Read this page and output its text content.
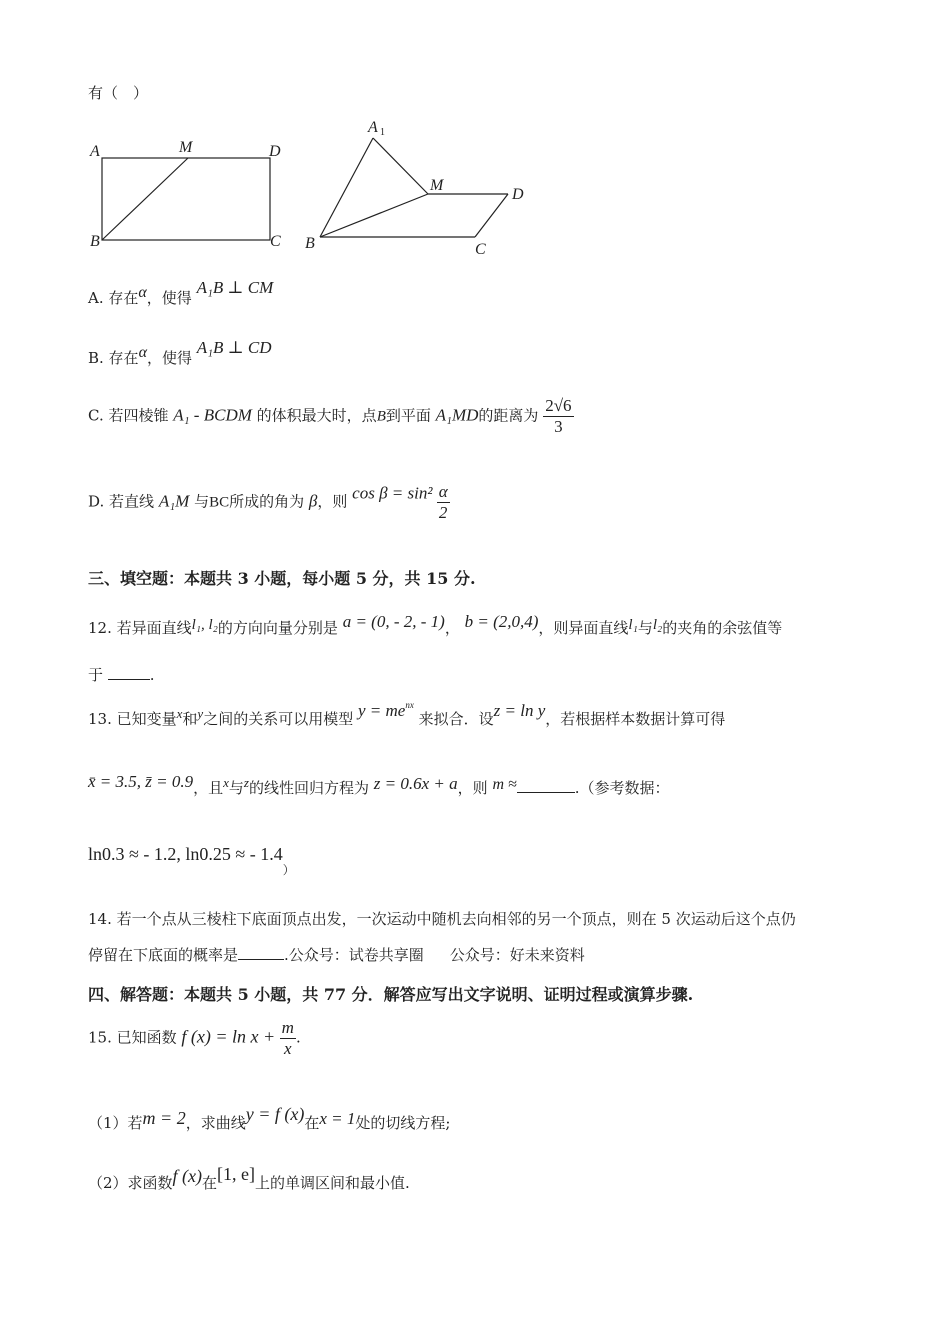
有（　）
A	M	D
B	C
A 1
M
D
B	C
A. 存在α，使得 A₁B ⊥ CM
B. 存在α，使得 A₁B ⊥ CD
C. 若四棱锥 A₁ - BCDM 的体积最大时，点B到平面 A₁MD的距离为 $\frac{2√6}{3}$
D. 若直线 A₁M 与BC所成的角为 β，则 $\cos \beta = \sin^2 \frac{\alpha}{2}$
三、填空题：本题共 3 小题，每小题 5 分，共 15 分.
12. 若异面直线l₁, l₂的方向向量分别是 a = (0, - 2, - 1)， b = (2,0,4)，则异面直线l₁与l₂的夹角的余弦值等
于	.
13. 已知变量x和y之间的关系可以用模型 $y = me^{nx}$ 来拟合．设z = ln y，若根据样本数据计算可得
x̄ = 3.5, z̄ = 0.9，且x与z的线性回归方程为 z = 0.6x + a，则 m ≈	.（参考数据：
ln0.3 ≈ - 1.2, ln0.25 ≈ - $1.4_)$
14. 若一个点从三棱柱下底面顶点出发，一次运动中随机去向相邻的另一个顶点，则在 5 次运动后这个点仍
停留在下底面的概率是	.公众号：试卷共享圈 公众号：好未来资料
四、解答题：本题共 5 小题，共 77 分．解答应写出文字说明、证明过程或演算步骤.
15. 已知函数 f $(x) = \ln x + \frac{m}{x}$ .
（1）若m = 2，求曲线y = f (x)在x = 1处的切线方程;
（2）求函数f (x)在[1, e]上的单调区间和最小值.
